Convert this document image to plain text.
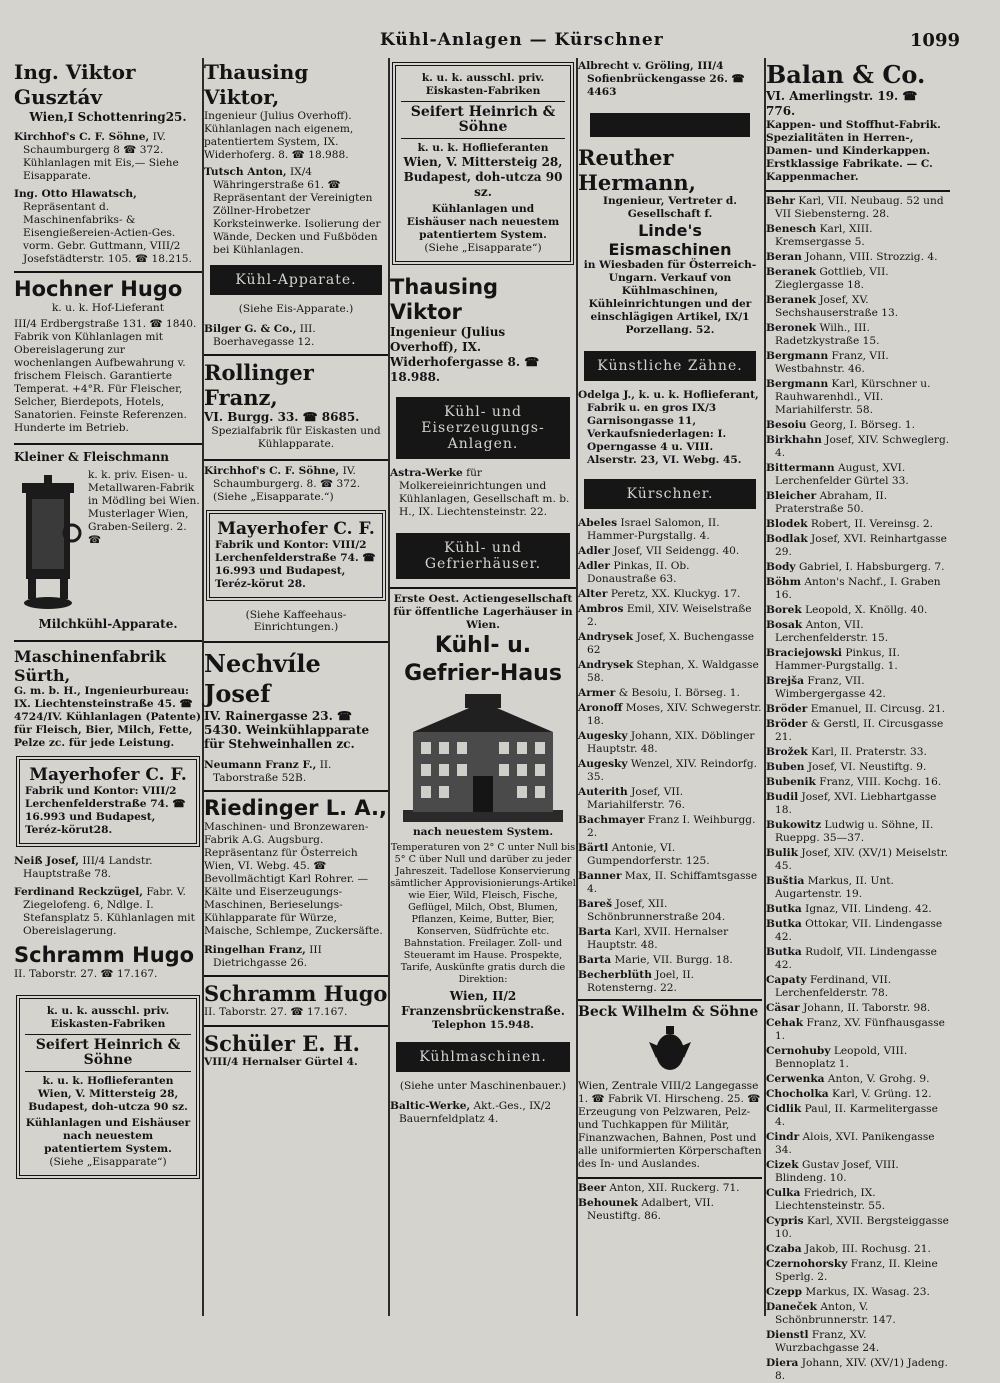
Kühl-Anlagen — Kürschner	1099

Ing. Viktor Gusztáv

Wien,I Schottenring25.

Kirchhof's C. F. Söhne, IV. Schaumburgerg 8 ☎ 372. Kühlanlagen mit Eis,— Siehe Eisapparate.

Ing. Otto Hlawatsch, Repräsentant d. Maschinenfabriks- & Eisengießereien-Actien-Ges. vorm. Gebr. Guttmann, VIII/2 Josefstädterstr. 105. ☎ 18.215.

Hochner Hugo

k. u. k. Hof-Lieferant

III/4 Erdbergstraße 131. ☎ 1840. Fabrik von Kühlanlagen mit Obereislagerung zur wochenlangen Aufbewahrung v. frischem Fleisch. Garantierte Temperat. +4°R. Für Fleischer, Selcher, Bierdepots, Hotels, Sanatorien. Feinste Referenzen. Hunderte im Betrieb.

Kleiner & Fleischmann

k. k. priv. Eisen- u. Metallwaren-Fabrik in Mödling bei Wien. Musterlager Wien, Graben-Seilerg. 2. ☎

Milchkühl-Apparate.

Maschinenfabrik Sürth,

G. m. b. H., Ingenieurbureau: IX. Liechtensteinstraße 45. ☎ 4724/IV. Kühlanlagen (Patente) für Fleisch, Bier, Milch, Fette, Pelze zc. für jede Leistung.

Mayerhofer C. F.

Fabrik und Kontor: VIII/2 Lerchenfelderstraße 74. ☎ 16.993 und Budapest, Teréz-körut28.

Neiß Josef, III/4 Landstr. Hauptstraße 78.

Ferdinand Reckzügel, Fabr. V. Ziegelofeng. 6, Ndlge. I. Stefansplatz 5. Kühlanlagen mit Obereislagerung.

Schramm Hugo

II. Taborstr. 27. ☎ 17.167.

k. u. k. ausschl. priv. Eiskasten-Fabriken

Seifert Heinrich & Söhne

k. u. k. Hoflieferanten

Wien, V. Mittersteig 28, Budapest, doh-utcza 90 sz.

Kühlanlagen und Eishäuser nach neuestem patentiertem System.

(Siehe „Eisapparate“)

Thausing Viktor,

Ingenieur (Julius Overhoff). Kühlanlagen nach eigenem, patentiertem System, IX. Widerhoferg. 8. ☎ 18.988.

Tutsch Anton, IX/4 Währingerstraße 61. ☎ Repräsentant der Vereinigten Zöllner-Hrobetzer Korksteinwerke. Isolierung der Wände, Decken und Fußböden bei Kühlanlagen.

Kühl-Apparate.

(Siehe Eis-Apparate.)

Bilger G. & Co., III. Boerhavegasse 12.

Rollinger Franz,

VI. Burgg. 33. ☎ 8685.

Spezialfabrik für Eiskasten und Kühlapparate.

Kirchhof's C. F. Söhne, IV. Schaumburgerg. 8. ☎ 372. (Siehe „Eisapparate.“)

Mayerhofer C. F.

Fabrik und Kontor: VIII/2 Lerchenfelderstraße 74. ☎ 16.993 und Budapest, Teréz-körut 28.

(Siehe Kaffeehaus-Einrichtungen.)

Nechvíle Josef

IV. Rainergasse 23. ☎ 5430. Weinkühlapparate für Stehweinhallen zc.

Neumann Franz F., II. Taborstraße 52B.

Riedinger L. A.,

Maschinen- und Bronzewaren-Fabrik A.G. Augsburg. Repräsentanz für Österreich Wien, VI. Webg. 45. ☎ Bevollmächtigt Karl Rohrer. — Kälte und Eiserzeugungs-Maschinen, Berieselungs-Kühlapparate für Würze, Maische, Schlempe, Zuckersäfte.

Ringelhan Franz, III Dietrichgasse 26.

Schramm Hugo

II. Taborstr. 27. ☎ 17.167.

Schüler E. H.

VIII/4 Hernalser Gürtel 4.

k. u. k. ausschl. priv. Eiskasten-Fabriken

Seifert Heinrich & Söhne

k. u. k. Hoflieferanten

Wien, V. Mittersteig 28, Budapest, doh-utcza 90 sz.

Kühlanlagen und Eishäuser nach neuestem patentiertem System.

(Siehe „Eisapparate“)

Thausing Viktor

Ingenieur (Julius Overhoff), IX. Widerhofergasse 8. ☎ 18.988.

Kühl- und Eiserzeugungs-Anlagen.

Astra-Werke für Molkereieinrichtungen und Kühlanlagen, Gesellschaft m. b. H., IX. Liechtensteinstr. 22.

Kühl- und Gefrierhäuser.

Erste Oest. Actiengesellschaft für öffentliche Lagerhäuser in Wien.

Kühl- u. Gefrier-Haus

nach neuestem System.

Temperaturen von 2° C unter Null bis 5° C über Null und darüber zu jeder Jahreszeit. Tadellose Konservierung sämtlicher Approvisionierungs-Artikel wie Eier, Wild, Fleisch, Fische, Geflügel, Milch, Obst, Blumen, Pflanzen, Keime, Butter, Bier, Konserven, Südfrüchte etc. Bahnstation. Freilager. Zoll- und Steueramt im Hause. Prospekte, Tarife, Auskünfte gratis durch die Direktion:

Wien, II/2 Franzensbrückenstraße.

Telephon 15.948.

Kühlmaschinen.

(Siehe unter Maschinenbauer.)

Baltic-Werke, Akt.-Ges., IX/2 Bauernfeldplatz 4.

Albrecht v. Gröling, III/4 Sofienbrückengasse 26. ☎ 4463

Reuther Hermann,

Ingenieur, Vertreter d. Gesellschaft f.

Linde's Eismaschinen

in Wiesbaden für Österreich-Ungarn. Verkauf von Kühlmaschinen, Kühleinrichtungen und der einschlägigen Artikel, IX/1 Porzellang. 52.

Künstliche Zähne.

Odelga J., k. u. k. Hoflieferant, Fabrik u. en gros IX/3 Garnisongasse 11, Verkaufsniederlagen: I. Operngasse 4 u. VIII. Alserstr. 23, VI. Webg. 45.

Kürschner.

Abeles Israel Salomon, II. Hammer-Purgstallg. 4.

Adler Josef, VII Seidengg. 40.

Adler Pinkas, II. Ob. Donaustraße 63.

Alter Peretz, XX. Kluckyg. 17.

Ambros Emil, XIV. Weiselstraße 2.

Andrysek Josef, X. Buchengasse 62

Andrysek Stephan, X. Waldgasse 58.

Armer & Besoiu, I. Börseg. 1.

Aronoff Moses, XIV. Schwegerstr. 18.

Augesky Johann, XIX. Döblinger Hauptstr. 48.

Augesky Wenzel, XIV. Reindorfg. 35.

Auterith Josef, VII. Mariahilferstr. 76.

Bachmayer Franz I. Weihburgg. 2.

Bärtl Antonie, VI. Gumpendorferstr. 125.

Banner Max, II. Schiffamtsgasse 4.

Bareš Josef, XII. Schönbrunnerstraße 204.

Barta Karl, XVII. Hernalser Hauptstr. 48.

Barta Marie, VII. Burgg. 18.

Becherblüth Joel, II. Rotensterng. 22.

Beck Wilhelm & Söhne

Wien, Zentrale VIII/2 Langegasse 1. ☎ Fabrik VI. Hirscheng. 25. ☎ Erzeugung von Pelzwaren, Pelz- und Tuchkappen für Militär, Finanzwachen, Bahnen, Post und alle uniformierten Körperschaften des In- und Auslandes.

Beer Anton, XII. Ruckerg. 71.

Behounek Adalbert, VII. Neustiftg. 86.

Balan & Co.

VI. Amerlingstr. 19. ☎ 776.

Kappen- und Stoffhut-Fabrik. Spezialitäten in Herren-, Damen- und Kinderkappen. Erstklassige Fabrikate. — C. Kappenmacher.

Behr Karl, VII. Neubaug. 52 und VII Siebensterng. 28.

Benesch Karl, XIII. Kremsergasse 5.

Beran Johann, VIII. Strozzig. 4.

Beranek Gottlieb, VII. Zieglergasse 18.

Beranek Josef, XV. Sechshauserstraße 13.

Beronek Wilh., III. Radetzkystraße 15.

Bergmann Franz, VII. Westbahnstr. 46.

Bergmann Karl, Kürschner u. Rauhwarenhdl., VII. Mariahilferstr. 58.

Besoiu Georg, I. Börseg. 1.

Birkhahn Josef, XIV. Schweglerg. 4.

Bittermann August, XVI. Lerchenfelder Gürtel 33.

Bleicher Abraham, II. Praterstraße 50.

Blodek Robert, II. Vereinsg. 2.

Bodlak Josef, XVI. Reinhartgasse 29.

Body Gabriel, I. Habsburgerg. 7.

Böhm Anton's Nachf., I. Graben 16.

Borek Leopold, X. Knöllg. 40.

Bosak Anton, VII. Lerchenfelderstr. 15.

Braciejowski Pinkus, II. Hammer-Purgstallg. 1.

Brejša Franz, VII. Wimbergergasse 42.

Bröder Emanuel, II. Circusg. 21.

Bröder & Gerstl, II. Circusgasse 21.

Brožek Karl, II. Praterstr. 33.

Buben Josef, VI. Neustiftg. 9.

Bubenik Franz, VIII. Kochg. 16.

Budil Josef, XVI. Liebhartgasse 18.

Bukowitz Ludwig u. Söhne, II. Rueppg. 35—37.

Bulik Josef, XIV. (XV/1) Meiselstr. 45.

Buštia Markus, II. Unt. Augartenstr. 19.

Butka Ignaz, VII. Lindeng. 42.

Butka Ottokar, VII. Lindengasse 42.

Butka Rudolf, VII. Lindengasse 42.

Capaty Ferdinand, VII. Lerchenfelderstr. 78.

Cäsar Johann, II. Taborstr. 98.

Cehak Franz, XV. Fünfhausgasse 1.

Cernohuby Leopold, VIII. Bennoplatz 1.

Cerwenka Anton, V. Grohg. 9.

Chocholka Karl, V. Grüng. 12.

Cidlik Paul, II. Karmelitergasse 4.

Cindr Alois, XVI. Panikengasse 34.

Cizek Gustav Josef, VIII. Blindeng. 10.

Culka Friedrich, IX. Liechtensteinstr. 55.

Cypris Karl, XVII. Bergsteiggasse 10.

Czaba Jakob, III. Rochusg. 21.

Czernohorsky Franz, II. Kleine Sperlg. 2.

Czepp Markus, IX. Wasag. 23.

Daneček Anton, V. Schönbrunnerstr. 147.

Dienstl Franz, XV. Wurzbachgasse 24.

Diera Johann, XIV. (XV/1) Jadeng. 8.
